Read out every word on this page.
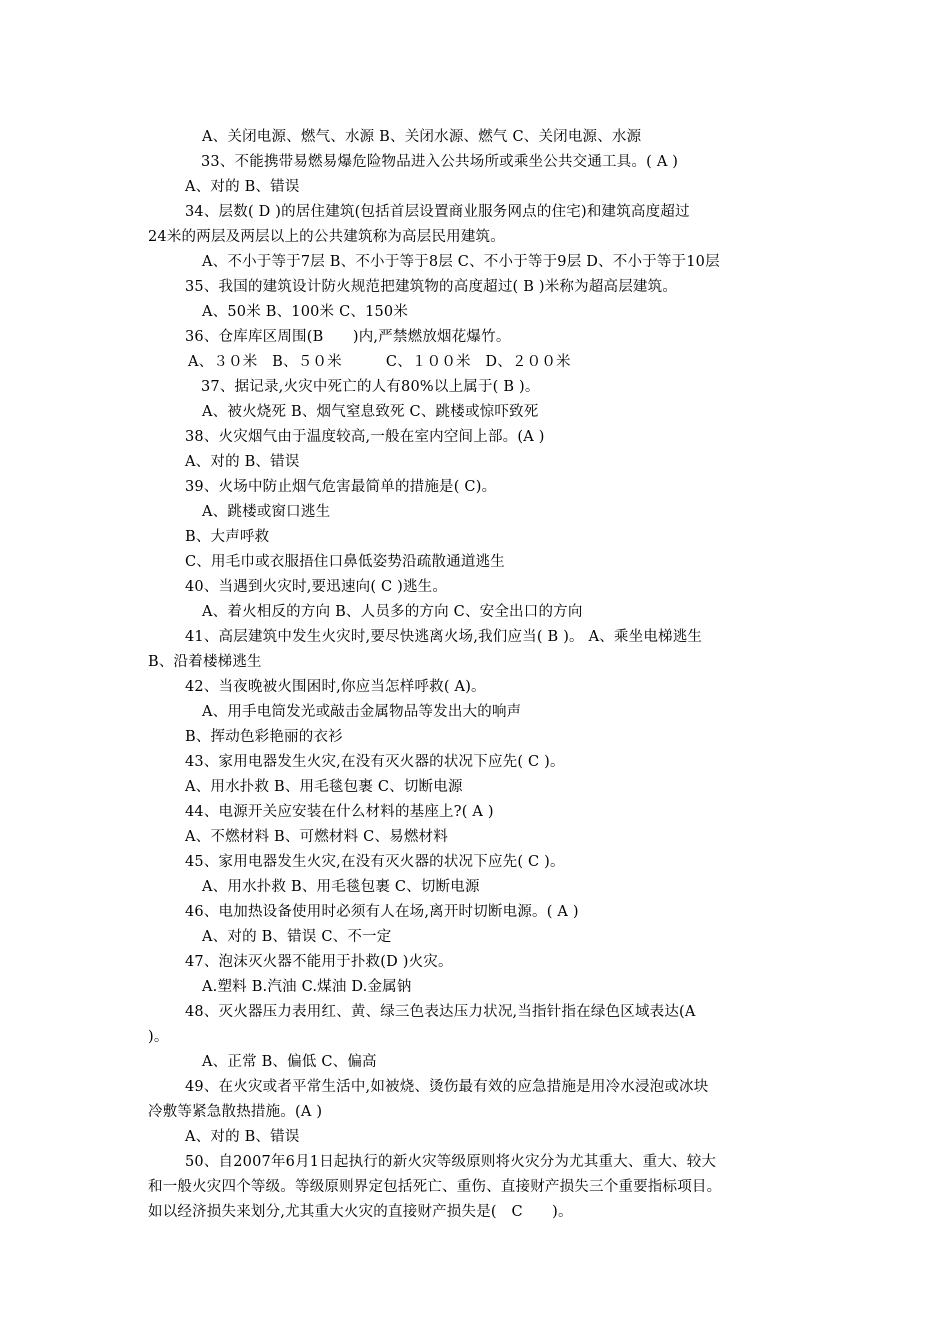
A、关闭电源、燃气、水源 B、关闭水源、燃气 C、关闭电源、水源
33、不能携带易燃易爆危险物品进入公共场所或乘坐公共交通工具。( A )
A、对的 B、错误
34、层数( D )的居住建筑(包括首层设置商业服务网点的住宅)和建筑高度超过
24米的两层及两层以上的公共建筑称为高层民用建筑。
A、不小于等于7层 B、不小于等于8层 C、不小于等于9层 D、不小于等于10层
35、我国的建筑设计防火规范把建筑物的高度超过( B )米称为超高层建筑。
A、50米 B、100米 C、150米
36、仓库库区周围(B　　)内,严禁燃放烟花爆竹。
A、３０米　B、５０米　　　C、１００米　D、２００米
37、据记录,火灾中死亡的人有80%以上属于( B )。
A、被火烧死 B、烟气窒息致死 C、跳楼或惊吓致死
38、火灾烟气由于温度较高,一般在室内空间上部。(A )
A、对的 B、错误
39、火场中防止烟气危害最简单的措施是( C)。
A、跳楼或窗口逃生
B、大声呼救
C、用毛巾或衣服捂住口鼻低姿势沿疏散通道逃生
40、当遇到火灾时,要迅速向( C )逃生。
A、着火相反的方向 B、人员多的方向 C、安全出口的方向
41、高层建筑中发生火灾时,要尽快逃离火场,我们应当( B )。 A、乘坐电梯逃生
B、沿着楼梯逃生
42、当夜晚被火围困时,你应当怎样呼救( A)。
A、用手电筒发光或敲击金属物品等发出大的响声
B、挥动色彩艳丽的衣衫
43、家用电器发生火灾,在没有灭火器的状况下应先( C )。
A、用水扑救 B、用毛毯包裹 C、切断电源
44、电源开关应安装在什么材料的基座上?( A )
A、不燃材料 B、可燃材料 C、易燃材料
45、家用电器发生火灾,在没有灭火器的状况下应先( C )。
A、用水扑救 B、用毛毯包裹 C、切断电源
46、电加热设备使用时必须有人在场,离开时切断电源。( A )
A、对的 B、错误 C、不一定
47、泡沫灭火器不能用于扑救(D )火灾。
A.塑料 B.汽油 C.煤油 D.金属钠
48、灭火器压力表用红、黄、绿三色表达压力状况,当指针指在绿色区域表达(A
)。
A、正常 B、偏低 C、偏高
49、在火灾或者平常生活中,如被烧、烫伤最有效的应急措施是用冷水浸泡或冰块
冷敷等紧急散热措施。(A )
A、对的 B、错误
50、自2007年6月1日起执行的新火灾等级原则将火灾分为尤其重大、重大、较大
和一般火灾四个等级。等级原则界定包括死亡、重伤、直接财产损失三个重要指标项目。
如以经济损失来划分,尤其重大火灾的直接财产损失是(　C　　)。
